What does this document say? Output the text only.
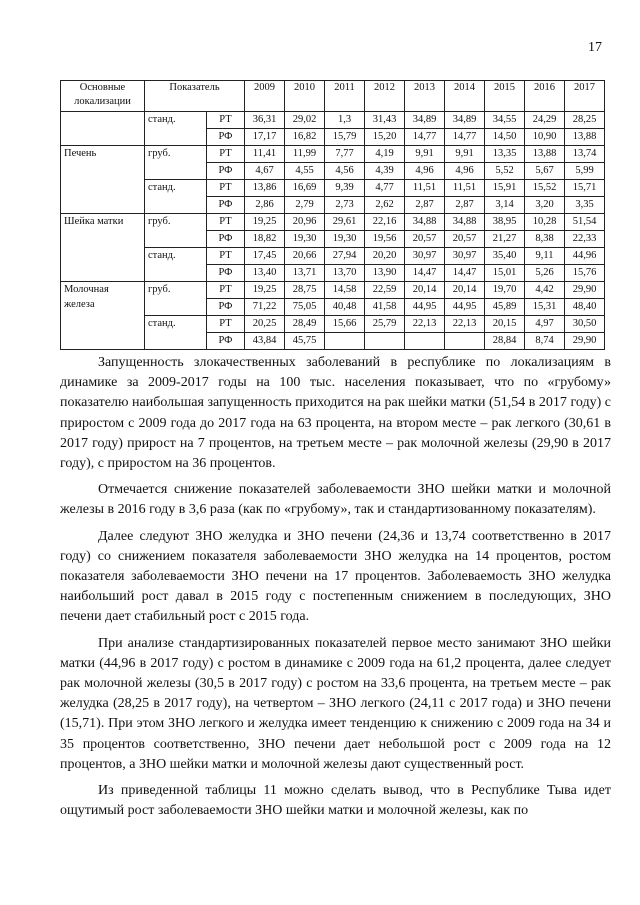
17
Основные локализации	Показатель		2009	2010	2011	2012	2013	2014	2015	2016	2017
	станд.	РТ	36,31	29,02	1,3	31,43	34,89	34,89	34,55	24,29	28,25
		РФ	17,17	16,82	15,79	15,20	14,77	14,77	14,50	10,90	13,88
Печень	груб.	РТ	11,41	11,99	7,77	4,19	9,91	9,91	13,35	13,88	13,74
		РФ	4,67	4,55	4,56	4,39	4,96	4,96	5,52	5,67	5,99
	станд.	РТ	13,86	16,69	9,39	4,77	11,51	11,51	15,91	15,52	15,71
		РФ	2,86	2,79	2,73	2,62	2,87	2,87	3,14	3,20	3,35
Шейка матки	груб.	РТ	19,25	20,96	29,61	22,16	34,88	34,88	38,95	10,28	51,54
		РФ	18,82	19,30	19,30	19,56	20,57	20,57	21,27	8,38	22,33
	станд.	РТ	17,45	20,66	27,94	20,20	30,97	30,97	35,40	9,11	44,96
		РФ	13,40	13,71	13,70	13,90	14,47	14,47	15,01	5,26	15,76
Молочная железа	груб.	РТ	19,25	28,75	14,58	22,59	20,14	20,14	19,70	4,42	29,90
		РФ	71,22	75,05	40,48	41,58	44,95	44,95	45,89	15,31	48,40
	станд.	РТ	20,25	28,49	15,66	25,79	22,13	22,13	20,15	4,97	30,50
		РФ	43,84	45,75					28,84	8,74	29,90

Запущенность злокачественных заболеваний в республике по локализациям в динамике за 2009-2017 годы на 100 тыс. населения показывает, что по «грубому» показателю наибольшая запущенность приходится на рак шейки матки (51,54 в 2017 году) с приростом с 2009 года до 2017 года на 63 процента, на втором месте – рак легкого (30,61 в 2017 году) прирост на 7 процентов, на третьем месте – рак молочной железы (29,90 в 2017 году), с приростом на 36 процентов.

Отмечается снижение показателей заболеваемости ЗНО шейки матки и молочной железы в 2016 году в 3,6 раза (как по «грубому», так и стандартизованному показателям).

Далее следуют ЗНО желудка и ЗНО печени (24,36 и 13,74 соответственно в 2017 году) со снижением показателя заболеваемости ЗНО желудка на 14 процентов, ростом показателя заболеваемости ЗНО печени на 17 процентов. Заболеваемость ЗНО желудка наибольший рост давал в 2015 году с постепенным снижением в последующих, ЗНО печени дает стабильный рост с 2015 года.

При анализе стандартизированных показателей первое место занимают ЗНО шейки матки (44,96 в 2017 году) с ростом в динамике с 2009 года на 61,2 процента, далее следует рак молочной железы (30,5 в 2017 году) с ростом на 33,6 процента, на третьем месте – рак желудка (28,25 в 2017 году), на четвертом – ЗНО легкого (24,11 с 2017 года) и ЗНО печени (15,71). При этом ЗНО легкого и желудка имеет тенденцию к снижению с 2009 года на 34 и 35 процентов соответственно, ЗНО печени дает небольшой рост с 2009 года на 12 процентов, а ЗНО шейки матки и молочной железы дают существенный рост.

Из приведенной таблицы 11 можно сделать вывод, что в Республике Тыва идет ощутимый рост заболеваемости ЗНО шейки матки и молочной железы, как по
